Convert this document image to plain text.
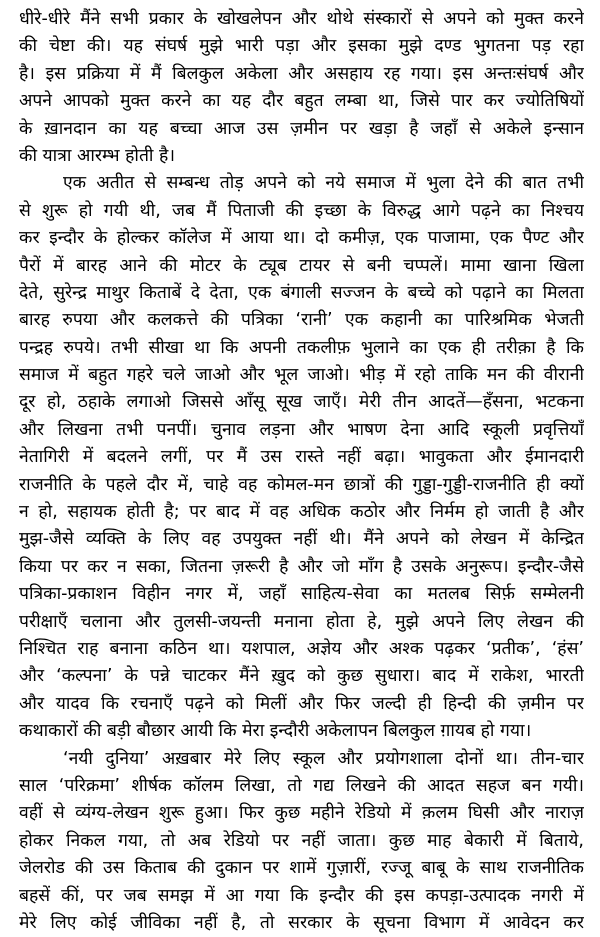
धीरे-धीरे मैंने सभी प्रकार के खोखलेपन और थोथे संस्कारों से अपने को मुक्त करने
की चेष्टा की। यह संघर्ष मुझे भारी पड़ा और इसका मुझे दण्ड भुगतना पड़ रहा
है। इस प्रक्रिया में मैं बिलकुल अकेला और असहाय रह गया। इस अन्तःसंघर्ष और
अपने आपको मुक्त करने का यह दौर बहुत लम्बा था, जिसे पार कर ज्योतिषियों
के ख़ानदान का यह बच्चा आज उस ज़मीन पर खड़ा है जहाँ से अकेले इन्सान
की यात्रा आरम्भ होती है।
एक अतीत से सम्बन्ध तोड़ अपने को नये समाज में भुला देने की बात तभी
से शुरू हो गयी थी, जब मैं पिताजी की इच्छा के विरुद्ध आगे पढ़ने का निश्चय
कर इन्दौर के होल्कर कॉलेज में आया था। दो कमीज़, एक पाजामा, एक पैण्ट और
पैरों में बारह आने की मोटर के ट्यूब टायर से बनी चप्पलें। मामा खाना खिला
देते, सुरेन्द्र माथुर किताबें दे देता, एक बंगाली सज्जन के बच्चे को पढ़ाने का मिलता
बारह रुपया और कलकत्ते की पत्रिका ‘रानी’ एक कहानी का पारिश्रमिक भेजती
पन्द्रह रुपये। तभी सीखा था कि अपनी तकलीफ़ भुलाने का एक ही तरीक़ा है कि
समाज में बहुत गहरे चले जाओ और भूल जाओ। भीड़ में रहो ताकि मन की वीरानी
दूर हो, ठहाके लगाओ जिससे आँसू सूख जाएँ। मेरी तीन आदतें—हँसना, भटकना
और लिखना तभी पनपीं। चुनाव लड़ना और भाषण देना आदि स्कूली प्रवृत्तियाँ
नेतागिरी में बदलने लगीं, पर मैं उस रास्ते नहीं बढ़ा। भावुकता और ईमानदारी
राजनीति के पहले दौर में, चाहे वह कोमल-मन छात्रों की गुड्डा-गुड्डी-राजनीति ही क्यों
न हो, सहायक होती है; पर बाद में वह अधिक कठोर और निर्मम हो जाती है और
मुझ-जैसे व्यक्ति के लिए वह उपयुक्त नहीं थी। मैंने अपने को लेखन में केन्द्रित
किया पर कर न सका, जितना ज़रूरी है और जो माँग है उसके अनुरूप। इन्दौर-जैसे
पत्रिका-प्रकाशन विहीन नगर में, जहाँ साहित्य-सेवा का मतलब सिर्फ़ सम्मेलनी
परीक्षाएँ चलाना और तुलसी-जयन्ती मनाना होता हे, मुझे अपने लिए लेखन की
निश्चित राह बनाना कठिन था। यशपाल, अज्ञेय और अश्क पढ़कर ‘प्रतीक’, ‘हंस’
और ‘कल्पना’ के पन्ने चाटकर मैंने ख़ुद को कुछ सुधारा। बाद में राकेश, भारती
और यादव कि रचनाएँ पढ़ने को मिलीं और फिर जल्दी ही हिन्दी की ज़मीन पर
कथाकारों की बड़ी बौछार आयी कि मेरा इन्दौरी अकेलापन बिलकुल ग़ायब हो गया।
‘नयी दुनिया’ अख़बार मेरे लिए स्कूल और प्रयोगशाला दोनों था। तीन-चार
साल ‘परिक्रमा’ शीर्षक कॉलम लिखा, तो गद्य लिखने की आदत सहज बन गयी।
वहीं से व्यंग्य-लेखन शुरू हुआ। फिर कुछ महीने रेडियो में क़लम घिसी और नाराज़
होकर निकल गया, तो अब रेडियो पर नहीं जाता। कुछ माह बेकारी में बिताये,
जेलरोड की उस किताब की दुकान पर शामें गुज़ारीं, रज्जू बाबू के साथ राजनीतिक
बहसें कीं, पर जब समझ में आ गया कि इन्दौर की इस कपड़ा-उत्पादक नगरी में
मेरे लिए कोई जीविका नहीं है, तो सरकार के सूचना विभाग में आवेदन कर
